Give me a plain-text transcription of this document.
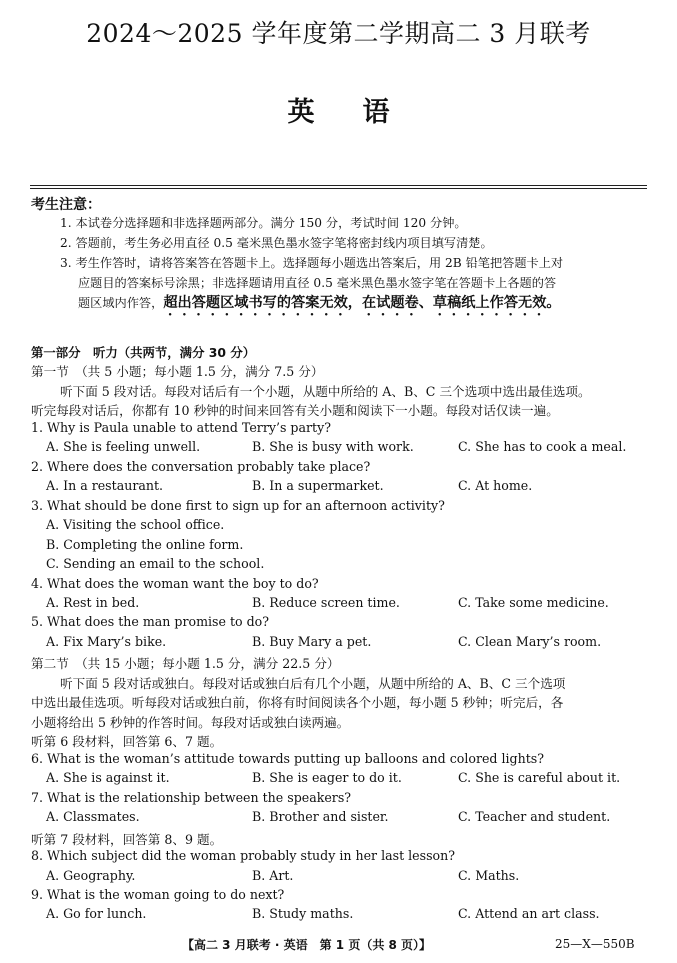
2024～2025 学年度第二学期高二 3 月联考
英语
考生注意：
1. 本试卷分选择题和非选择题两部分。满分 150 分，考试时间 120 分钟。
2. 答题前，考生务必用直径 0.5 毫米黑色墨水签字笔将密封线内项目填写清楚。
3. 考生作答时，请将答案答在答题卡上。选择题每小题选出答案后，用 2B 铅笔把答题卡上对
应题目的答案标号涂黑；非选择题请用直径 0.5 毫米黑色墨水签字笔在答题卡上各题的答
题区域内作答，超出答题区域书写的答案无效，在试题卷、草稿纸上作答无效。
第一部分　听力（共两节，满分 30 分）
第一节　（共 5 小题；每小题 1.5 分，满分 7.5 分）
听下面 5 段对话。每段对话后有一个小题，从题中所给的 A、B、C 三个选项中选出最佳选项。
听完每段对话后，你都有 10 秒钟的时间来回答有关小题和阅读下一小题。每段对话仅读一遍。
1. Why is Paula unable to attend Terry’s party?
A. She is feeling unwell.	B. She is busy with work.	C. She has to cook a meal.
2. Where does the conversation probably take place?
A. In a restaurant.	B. In a supermarket.	C. At home.
3. What should be done first to sign up for an afternoon activity?
A. Visiting the school office.
B. Completing the online form.
C. Sending an email to the school.
4. What does the woman want the boy to do?
A. Rest in bed.	B. Reduce screen time.	C. Take some medicine.
5. What does the man promise to do?
A. Fix Mary’s bike.	B. Buy Mary a pet.	C. Clean Mary’s room.
第二节　（共 15 小题；每小题 1.5 分，满分 22.5 分）
听下面 5 段对话或独白。每段对话或独白后有几个小题，从题中所给的 A、B、C 三个选项
中选出最佳选项。听每段对话或独白前，你将有时间阅读各个小题，每小题 5 秒钟；听完后，各
小题将给出 5 秒钟的作答时间。每段对话或独白读两遍。
听第 6 段材料，回答第 6、7 题。
6. What is the woman’s attitude towards putting up balloons and colored lights?
A. She is against it.	B. She is eager to do it.	C. She is careful about it.
7. What is the relationship between the speakers?
A. Classmates.	B. Brother and sister.	C. Teacher and student.
听第 7 段材料，回答第 8、9 题。
8. Which subject did the woman probably study in her last lesson?
A. Geography.	B. Art.	C. Maths.
9. What is the woman going to do next?
A. Go for lunch.	B. Study maths.	C. Attend an art class.
【高二 3 月联考 · 英语　第 1 页（共 8 页）】	25—X—550B
